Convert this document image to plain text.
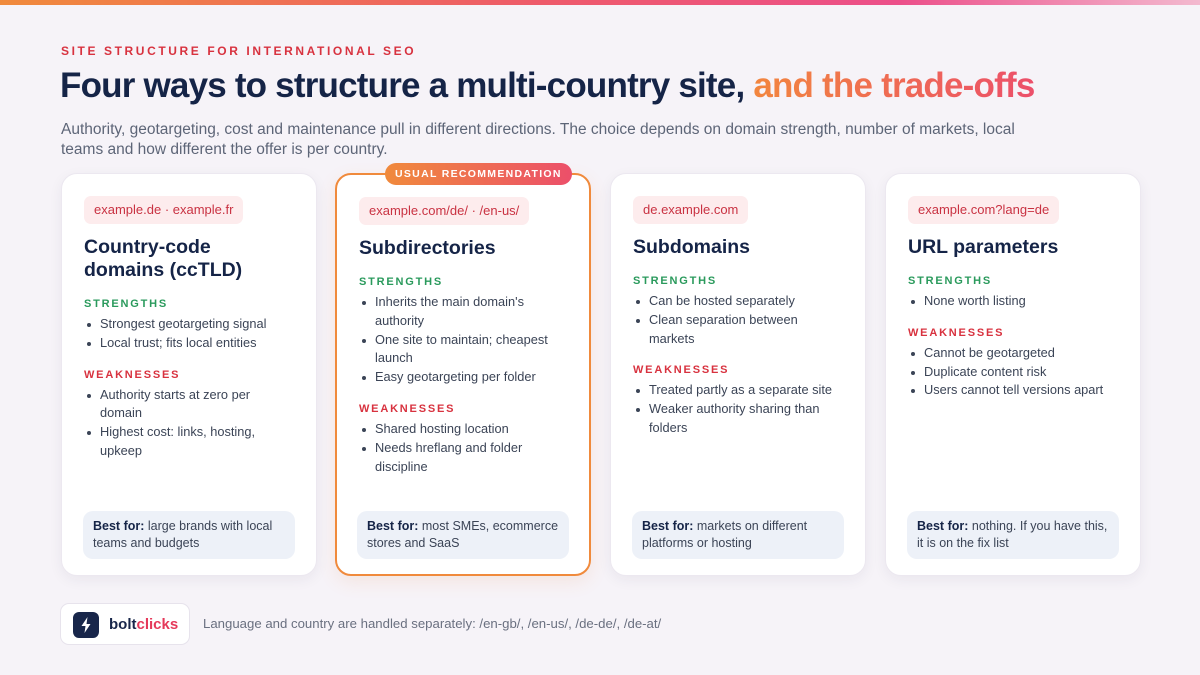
SITE STRUCTURE FOR INTERNATIONAL SEO
Four ways to structure a multi-country site, and the trade-offs

Authority, geotargeting, cost and maintenance pull in different directions. The choice depends on domain strength, number of markets, local teams and how different the offer is per country.

example.de · example.fr
Country-code domains (ccTLD)
STRENGTHS
Strongest geotargeting signal
Local trust; fits local entities
WEAKNESSES
Authority starts at zero per domain
Highest cost: links, hosting, upkeep
Best for: large brands with local teams and budgets
USUAL RECOMMENDATION
example.com/de/ · /en-us/
Subdirectories
STRENGTHS
Inherits the main domain's authority
One site to maintain; cheapest launch
Easy geotargeting per folder
WEAKNESSES
Shared hosting location
Needs hreflang and folder discipline
Best for: most SMEs, ecommerce stores and SaaS
de.example.com
Subdomains
STRENGTHS
Can be hosted separately
Clean separation between markets
WEAKNESSES
Treated partly as a separate site
Weaker authority sharing than folders
Best for: markets on different platforms or hosting
example.com?lang=de
URL parameters
STRENGTHS
None worth listing
WEAKNESSES
Cannot be geotargeted
Duplicate content risk
Users cannot tell versions apart
Best for: nothing. If you have this, it is on the fix list
boltclicks Language and country are handled separately: /en-gb/, /en-us/, /de-de/, /de-at/
